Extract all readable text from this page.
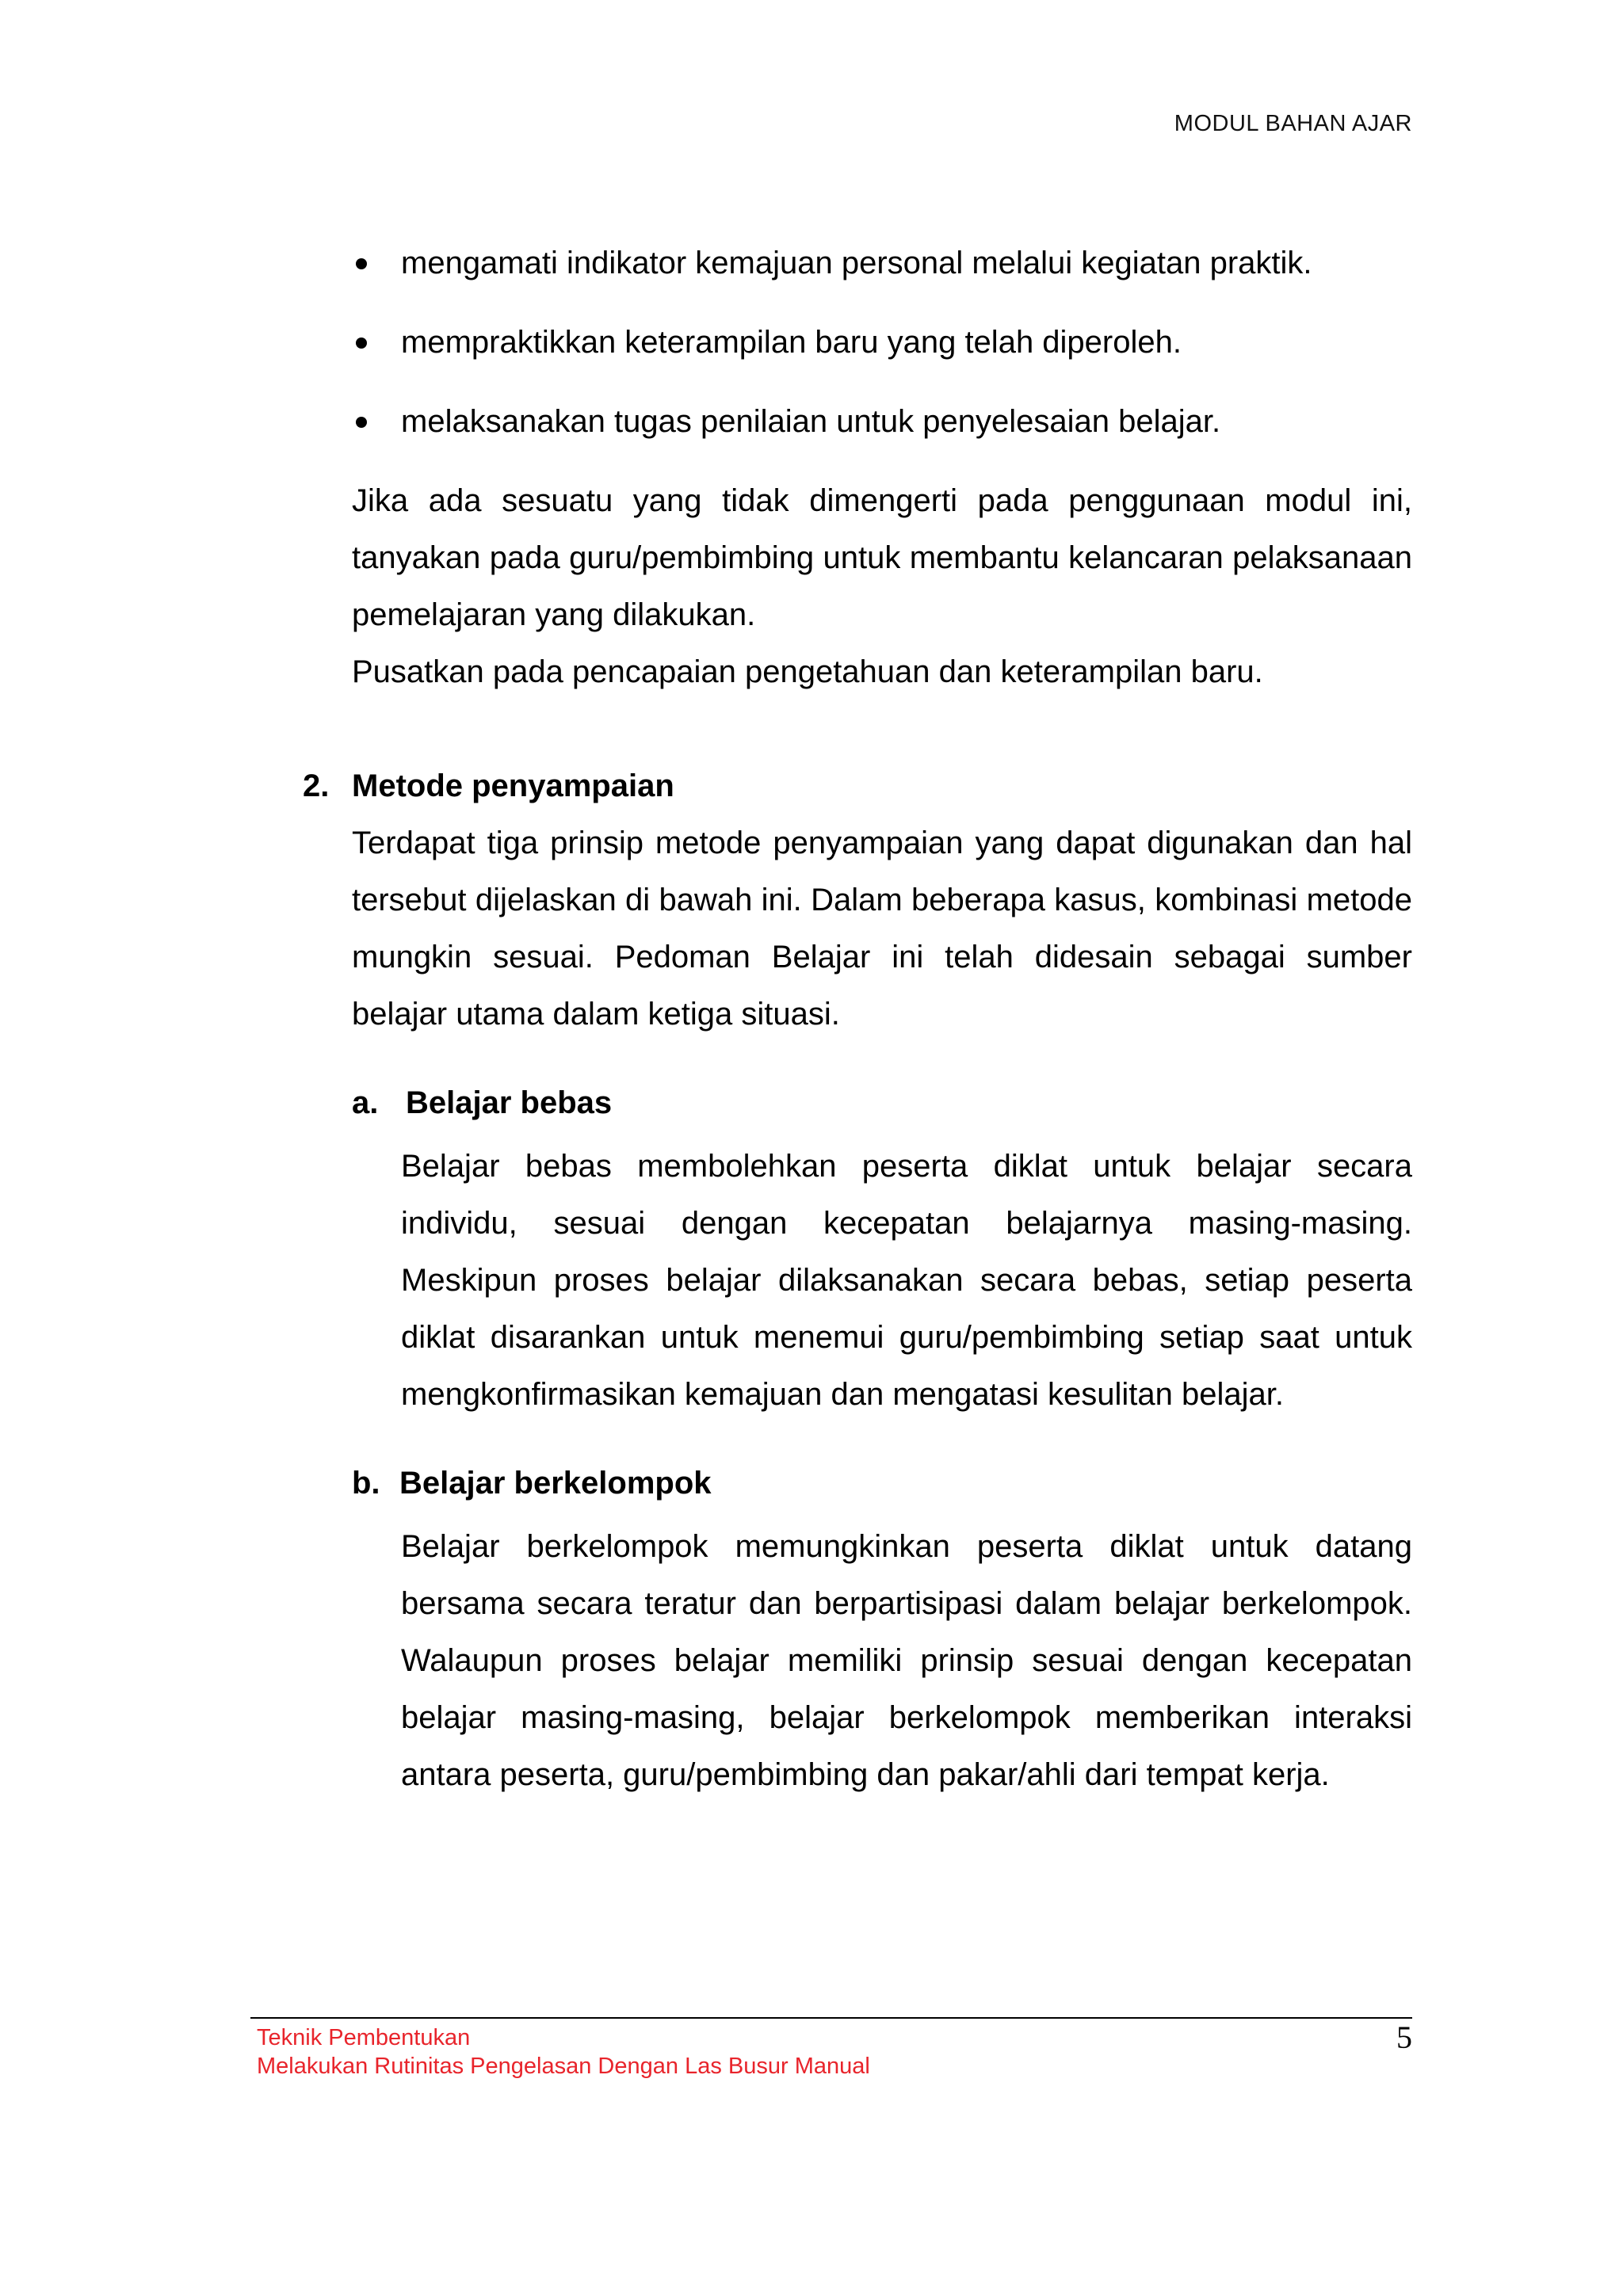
MODUL BAHAN AJAR
mengamati indikator kemajuan personal melalui kegiatan praktik.
mempraktikkan keterampilan baru yang telah diperoleh.
melaksanakan tugas penilaian untuk penyelesaian belajar.

Jika ada sesuatu yang tidak dimengerti pada penggunaan modul ini, tanyakan pada guru/pembimbing untuk membantu kelancaran pelaksanaan pemelajaran yang dilakukan.

Pusatkan pada pencapaian pengetahuan dan keterampilan baru.

2. Metode penyampaian

Terdapat tiga prinsip metode penyampaian yang dapat digunakan dan hal tersebut dijelaskan di bawah ini. Dalam beberapa kasus, kombinasi metode mungkin sesuai. Pedoman Belajar ini telah didesain sebagai sumber belajar utama dalam ketiga situasi.

a. Belajar bebas

Belajar bebas membolehkan peserta diklat untuk belajar secara individu, sesuai dengan kecepatan belajarnya masing-masing. Meskipun proses belajar dilaksanakan secara bebas, setiap peserta diklat disarankan untuk menemui guru/pembimbing setiap saat untuk mengkonfirmasikan kemajuan dan mengatasi kesulitan belajar.

b. Belajar berkelompok

Belajar berkelompok memungkinkan peserta diklat untuk datang bersama secara teratur dan berpartisipasi dalam belajar berkelompok. Walaupun proses belajar memiliki prinsip sesuai dengan kecepatan belajar masing-masing, belajar berkelompok memberikan interaksi antara peserta, guru/pembimbing dan pakar/ahli dari tempat kerja.

Teknik Pembentukan
Melakukan Rutinitas Pengelasan Dengan Las Busur Manual
5
